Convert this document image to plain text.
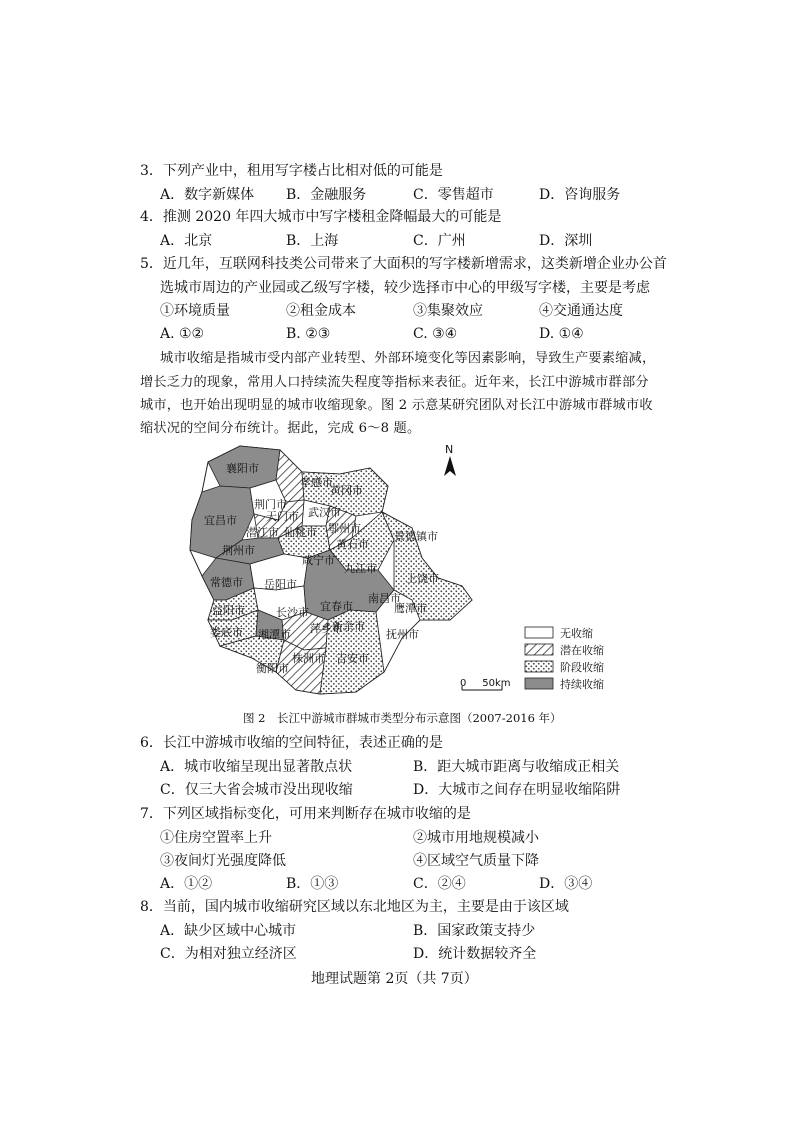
3．下列产业中，租用写字楼占比相对低的可能是
A．数字新媒体 B．金融服务	C．零售超市	D．咨询服务
4．推测 2020 年四大城市中写字楼租金降幅最大的可能是
A．北京	B．上海	C．广州	D．深圳
5．近几年，互联网科技类公司带来了大面积的写字楼新增需求，这类新增企业办公首
选城市周边的产业园或乙级写字楼，较少选择市中心的甲级写字楼，主要是考虑
①环境质量	②租金成本	③集聚效应	④交通通达度
A. ①②	B. ②③	C. ③④	D. ①④
城市收缩是指城市受内部产业转型、外部环境变化等因素影响，导致生产要素缩减，
增长乏力的现象，常用人口持续流失程度等指标来表征。近年来，长江中游城市群部分
城市，也开始出现明显的城市收缩现象。图 2 示意某研究团队对长江中游城市群城市收
缩状况的空间分布统计。据此，完成 6～8 题。
襄阳市
宜昌市
荆门市
孝感市
天门市
黄冈市
武汉市
鄂州市
潜江市 仙桃市
黄石市
荆州市
咸宁市
景德镇市
九江市
常德市 岳阳市	上饶市
益阳市
南昌市
长沙市 宜春市	鹰潭市
娄底市 湘潭市 萍乡市
新余市
抚州市
衡阳市
株洲市 吉安市
N
无收缩
潜在收缩
阶段收缩
持续收缩
0     50km
图 2　长江中游城市群城市类型分布示意图（2007-2016 年）
6．长江中游城市收缩的空间特征，表述正确的是
A．城市收缩呈现出显著散点状	B．距大城市距离与收缩成正相关
C．仅三大省会城市没出现收缩	D．大城市之间存在明显收缩陷阱
7．下列区域指标变化，可用来判断存在城市收缩的是
①住房空置率上升	②城市用地规模减小
③夜间灯光强度降低	④区域空气质量下降
A．①②	B．①③	C．②④	D．③④
8．当前，国内城市收缩研究区域以东北地区为主，主要是由于该区域
A．缺少区域中心城市	B．国家政策支持少
C．为相对独立经济区	D．统计数据较齐全
地理试题第 2页（共 7页）
